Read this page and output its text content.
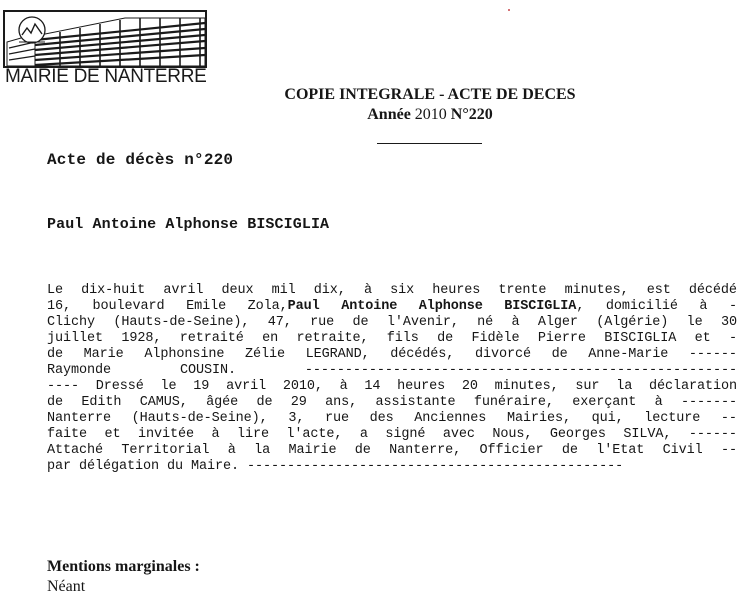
MAIRIE DE NANTERRE
COPIE INTEGRALE - ACTE DE DECES
Année 2010 N°220
Acte de décès n°220
Paul Antoine Alphonse BISCIGLIA
Le dix-huit avril deux mil dix, à six heures trente minutes, est décédé
16, boulevard Emile Zola,Paul Antoine Alphonse BISCIGLIA, domicilié à -
Clichy (Hauts-de-Seine), 47, rue de l'Avenir, né à Alger (Algérie) le 30
juillet 1928, retraité en retraite, fils de Fidèle Pierre BISCIGLIA et -
de Marie Alphonsine Zélie LEGRAND, décédés, divorcé de Anne-Marie ------
Raymonde	COUSIN.	------------------------------------------------------
---- Dressé le 19 avril 2010, à 14 heures 20 minutes, sur la déclaration
de Edith CAMUS, âgée de 29 ans, assistante funéraire, exerçant à -------
Nanterre (Hauts-de-Seine), 3, rue des Anciennes Mairies, qui, lecture --
faite et invitée à lire l'acte, a signé avec Nous, Georges SILVA, ------
Attaché Territorial à la Mairie de Nanterre, Officier de l'Etat Civil --
par délégation du Maire. -----------------------------------------------
Mentions marginales :
Néant
